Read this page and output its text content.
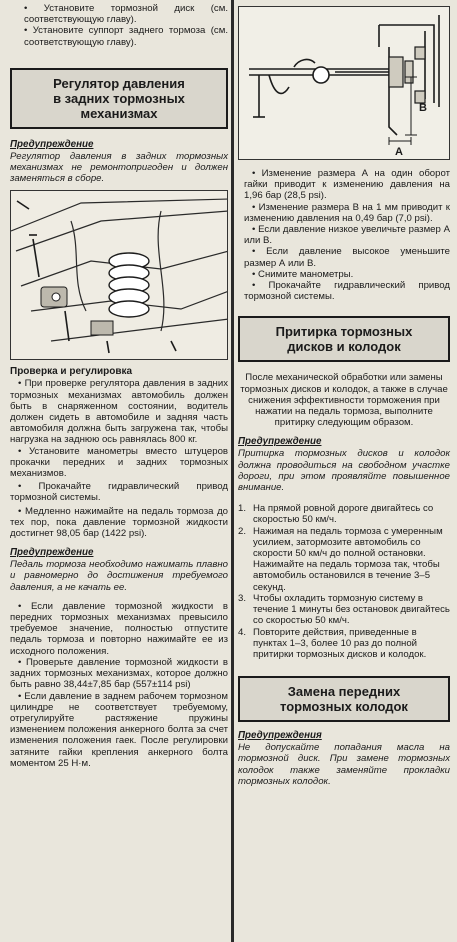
• Установите тормозной диск (см. соответствующую главу).

• Установите суппорт заднего тормоза (см. соответствующую главу).

Регулятор давления
в задних тормозных
механизмах
Предупреждение

Регулятор давления в задних тормозных механизмах не ремонтопригоден и должен заменяться в сборе.

Проверка и регулировка

• При проверке регулятора давления в задних тормозных механизмах автомобиль должен быть в снаряженном состоянии, водитель должен сидеть в автомобиле и задняя часть автомобиля должна быть загружена так, чтобы нагрузка на заднюю ось равнялась 800 кг.

• Установите манометры вместо штуцеров прокачки передних и задних тормозных механизмов.

• Прокачайте гидравлический привод тормозной системы.

• Медленно нажимайте на педаль тормоза до тех пор, пока давление тормозной жидкости достигнет 98,05 бар (1422 psi).

Предупреждение

Педаль тормоза необходимо нажимать плавно и равномерно до достижения требуемого давления, а не качать ее.

• Если давление тормозной жидкости в передних тормозных механизмах превысило требуемое значение, полностью отпустите педаль тормоза и повторно нажимайте ее из исходного положения.

• Проверьте давление тормозной жидкости в задних тормозных механизмах, которое должно быть равно 38,44±7,85 бар (557±114 psi)

• Если давление в заднем рабочем тормозном цилиндре не соответствует требуемому, отрегулируйте растяжение пружины изменением положения анкерного болта за счет изменения положения гаек. После регулировки затяните гайки крепления анкерного болта моментом 25 Н·м.

B
A

• Изменение размера А на один оборот гайки приводит к изменению давления на 1,96 бар (28,5 psi).

• Изменение размера В на 1 мм приводит к изменению давления на 0,49 бар (7,0 psi).

• Если давление низкое увеличьте размер А или В.

• Если давление высокое уменьшите размер А или В.

• Снимите манометры.

• Прокачайте гидравлический привод тормозной системы.

Притирка тормозных
дисков и колодок

После механической обработки или замены тормозных дисков и колодок, а также в случае снижения эффективности торможения при нажатии на педаль тормоза, выполните притирку следующим образом.

Предупреждение

Притирка тормозных дисков и колодок должна проводиться на свободном участке дороги, при этом проявляйте повышенное внимание.

1. На прямой ровной дороге двигайтесь со скоростью 50 км/ч.
2. Нажимая на педаль тормоза с умеренным усилием, затормозите автомобиль со скорости 50 км/ч до полной остановки. Нажимайте на педаль тормоза так, чтобы автомобиль остановился в течение 3–5 секунд.
3. Чтобы охладить тормозную систему в течение 1 минуты без остановок двигайтесь со скоростью 50 км/ч.
4. Повторите действия, приведенные в пунктах 1–3, более 10 раз до полной притирки тормозных дисков и колодок.
Замена передних
тормозных колодок
Предупреждения

Не допускайте попадания масла на тормозной диск. При замене тормозных колодок также заменяйте прокладки тормозных колодок.
